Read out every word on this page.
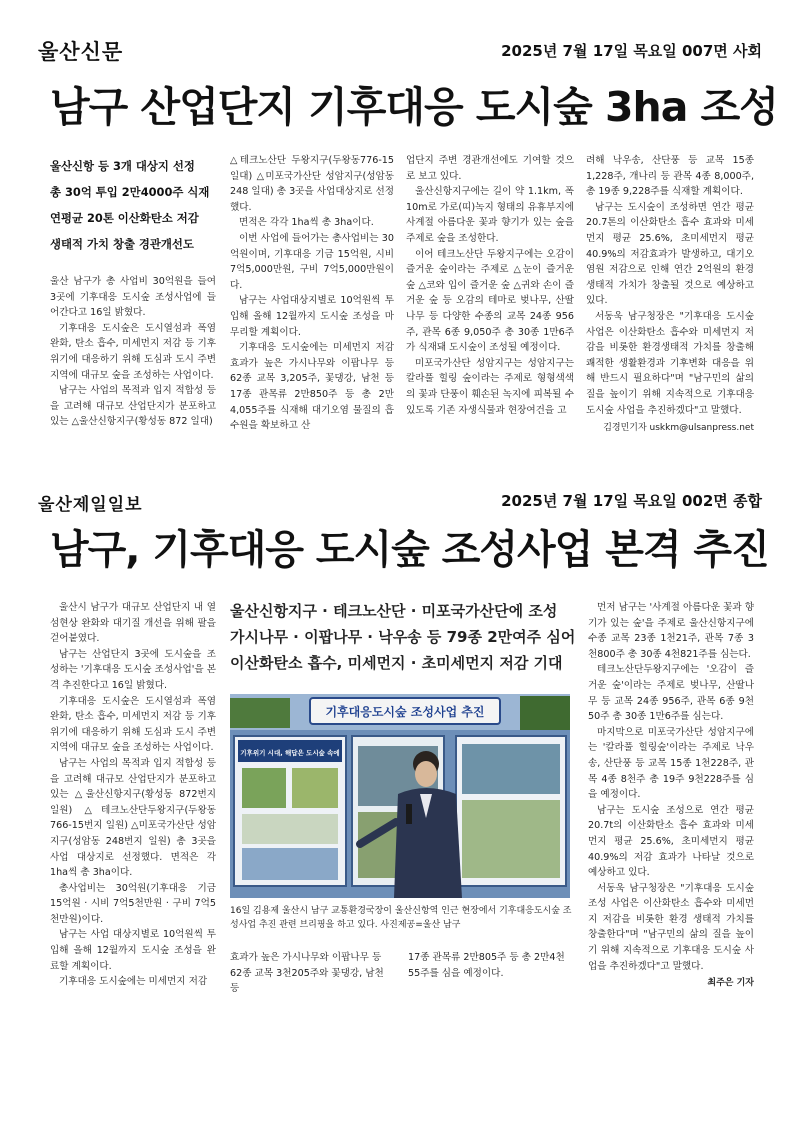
울산신문	2025년 7월 17일 목요일 007면 사회
남구 산업단지 기후대응 도시숲 3ha 조성
울산신항 등 3개 대상지 선정
총 30억 투입 2만4000주 식재
연평균 20톤 이산화탄소 저감
생태적 가치 창출 경관개선도

울산 남구가 총 사업비 30억원을 들여 3곳에 기후대응 도시숲 조성사업에 들어간다고 16일 밝혔다.

기후대응 도시숲은 도시열섬과 폭염 완화, 탄소 흡수, 미세먼지 저감 등 기후위기에 대응하기 위해 도심과 도시 주변 지역에 대규모 숲을 조성하는 사업이다.

남구는 사업의 목적과 입지 적합성 등을 고려해 대규모 산업단지가 분포하고 있는 △울산신항지구(황성동 872 일대)

△테크노산단 두왕지구(두왕동776-15 일대) △미포국가산단 성암지구(성암동 248 일대) 총 3곳을 사업대상지로 선정했다.

면적은 각각 1ha씩 총 3ha이다.

이번 사업에 들어가는 총사업비는 30억원이며, 기후대응 기금 15억원, 시비 7억5,000만원, 구비 7억5,000만원이다.

남구는 사업대상지별로 10억원씩 투입해 올해 12월까지 도시숲 조성을 마무리할 계획이다.

기후대응 도시숲에는 미세먼지 저감효과가 높은 가시나무와 이팝나무 등 62종 교목 3,205주, 꽃댕강, 남천 등 17종 관목류 2만850주 등 총 2만4,055주를 식재해 대기오염 물질의 흡수원을 확보하고 산

업단지 주변 경관개선에도 기여할 것으로 보고 있다.

울산신항지구에는 길이 약 1.1km, 폭 10m로 가로(띠)녹지 형태의 유휴부지에 사계절 아름다운 꽃과 향기가 있는 숲을 주제로 숲을 조성한다.

이어 테크노산단 두왕지구에는 오감이 즐거운 숲이라는 주제로 △눈이 즐거운 숲 △코와 입이 즐거운 숲 △귀와 손이 즐거운 숲 등 오감의 테마로 벚나무, 산딸나무 등 다양한 수종의 교목 24종 956주, 관목 6종 9,050주 총 30종 1만6주가 식재돼 도시숲이 조성될 예정이다.

미포국가산단 성암지구는 성암지구는 칼라풀 힐링 숲이라는 주제로 형형색색의 꽃과 단풍이 훼손된 녹지에 피복될 수 있도록 기존 자생식물과 현장여건을 고

려해 낙우송, 산단풍 등 교목 15종 1,228주, 개나리 등 관목 4종 8,000주, 총 19종 9,228주를 식재할 계획이다.

남구는 도시숲이 조성하면 연간 평균 20.7톤의 이산화탄소 흡수 효과와 미세먼지 평균 25.6%, 초미세먼지 평균 40.9%의 저감효과가 발생하고, 대기오염원 저감으로 인해 연간 2억원의 환경생태적 가치가 창출될 것으로 예상하고 있다.

서동욱 남구청장은 "기후대응 도시숲 사업은 이산화탄소 흡수와 미세먼지 저감을 비롯한 환경생태적 가치를 창출해 쾌적한 생활환경과 기후변화 대응을 위해 반드시 필요하다"며 "남구민의 삶의 질을 높이기 위해 지속적으로 기후대응 도시숲 사업을 추진하겠다"고 말했다.

김경민기자 uskkm@ulsanpress.net
울산제일일보	2025년 7월 17일 목요일 002면 종합
남구, 기후대응 도시숲 조성사업 본격 추진

울산시 남구가 대규모 산업단지 내 열섬현상 완화와 대기질 개선을 위해 팔을 걷어붙였다.

남구는 산업단지 3곳에 도시숲을 조성하는 '기후대응 도시숲 조성사업'을 본격 추진한다고 16일 밝혔다.

기후대응 도시숲은 도시열섬과 폭염 완화, 탄소 흡수, 미세먼지 저감 등 기후위기에 대응하기 위해 도심과 도시 주변 지역에 대규모 숲을 조성하는 사업이다.

남구는 사업의 목적과 입지 적합성 등을 고려해 대규모 산업단지가 분포하고 있는 △울산신항지구(황성동 872번지 일원) △테크노산단두왕지구(두왕동 766-15번지 일원) △미포국가산단 성암지구(성암동 248번지 일원) 총 3곳을 사업 대상지로 선정했다. 면적은 각 1ha씩 총 3ha이다.

총사업비는 30억원(기후대응 기금 15억원 · 시비 7억5천만원 · 구비 7억5천만원)이다.

남구는 사업 대상지별로 10억원씩 투입해 올해 12월까지 도시숲 조성을 완료할 계획이다.

기후대응 도시숲에는 미세먼지 저감

울산신항지구 · 테크노산단 · 미포국가산단에 조성
가시나무 · 이팝나무 · 낙우송 등 79종 2만여주 심어
이산화탄소 흡수, 미세먼지 · 초미세먼지 저감 기대
기후대응도시숲 조성사업 추진
기후위기 시대, 해답은 도시숲 속에
16일 김용제 울산시 남구 교통환경국장이 울산신항역 인근 현장에서 기후대응도시숲 조성사업 추진 관련 브리핑을 하고 있다. 사진제공=울산 남구
효과가 높은 가시나무와 이팝나무 등 62종 교목 3천205주와 꽃댕강, 남천 등
17종 관목류 2만805주 등 총 2만4천55주를 심을 예정이다.

먼저 남구는 '사계절 아름다운 꽃과 향기가 있는 숲'을 주제로 울산신항지구에 수종 교목 23종 1천21주, 관목 7종 3천800주 총 30종 4천821주를 심는다.

테크노산단두왕지구에는 '오감이 즐거운 숲'이라는 주제로 벚나무, 산딸나무 등 교목 24종 956주, 관목 6종 9천50주 총 30종 1만6주를 심는다.

마지막으로 미포국가산단 성암지구에는 '칼라풀 힐링숲'이라는 주제로 낙우송, 산단풍 등 교목 15종 1천228주, 관목 4종 8천주 총 19주 9천228주를 심을 예정이다.

남구는 도시숲 조성으로 연간 평균 20.7t의 이산화탄소 흡수 효과와 미세먼지 평균 25.6%, 초미세먼지 평균 40.9%의 저감 효과가 나타날 것으로 예상하고 있다.

서동욱 남구청장은 "기후대응 도시숲 조성 사업은 이산화탄소 흡수와 미세먼지 저감을 비롯한 환경 생태적 가치를 창출한다"며 "남구민의 삶의 질을 높이기 위해 지속적으로 기후대응 도시숲 사업을 추진하겠다"고 말했다.

최주은 기자
